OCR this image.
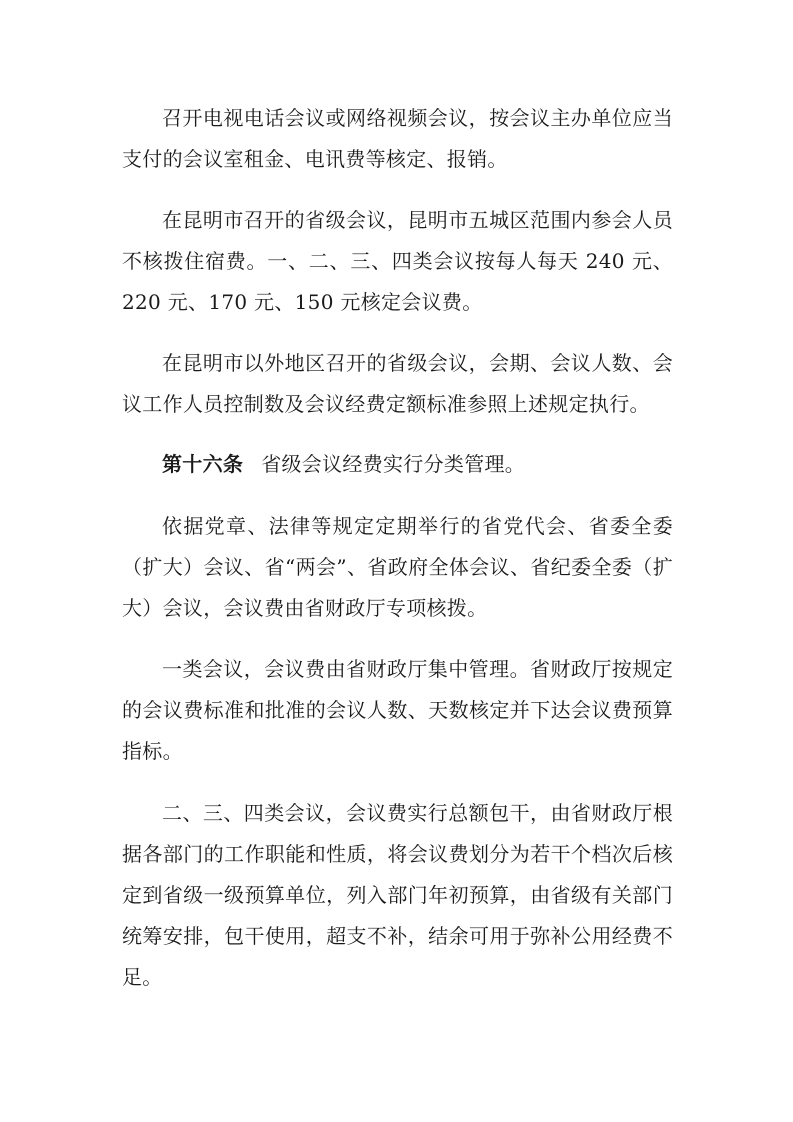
召开电视电话会议或网络视频会议，按会议主办单位应当支付的会议室租金、电讯费等核定、报销。

在昆明市召开的省级会议，昆明市五城区范围内参会人员不核拨住宿费。一、二、三、四类会议按每人每天 240 元、220 元、170 元、150 元核定会议费。

在昆明市以外地区召开的省级会议，会期、会议人数、会议工作人员控制数及会议经费定额标准参照上述规定执行。

第十六条 省级会议经费实行分类管理。

依据党章、法律等规定定期举行的省党代会、省委全委（扩大）会议、省“两会”、省政府全体会议、省纪委全委（扩大）会议，会议费由省财政厅专项核拨。

一类会议，会议费由省财政厅集中管理。省财政厅按规定的会议费标准和批准的会议人数、天数核定并下达会议费预算指标。

二、三、四类会议，会议费实行总额包干，由省财政厅根据各部门的工作职能和性质，将会议费划分为若干个档次后核定到省级一级预算单位，列入部门年初预算，由省级有关部门统筹安排，包干使用，超支不补，结余可用于弥补公用经费不足。
